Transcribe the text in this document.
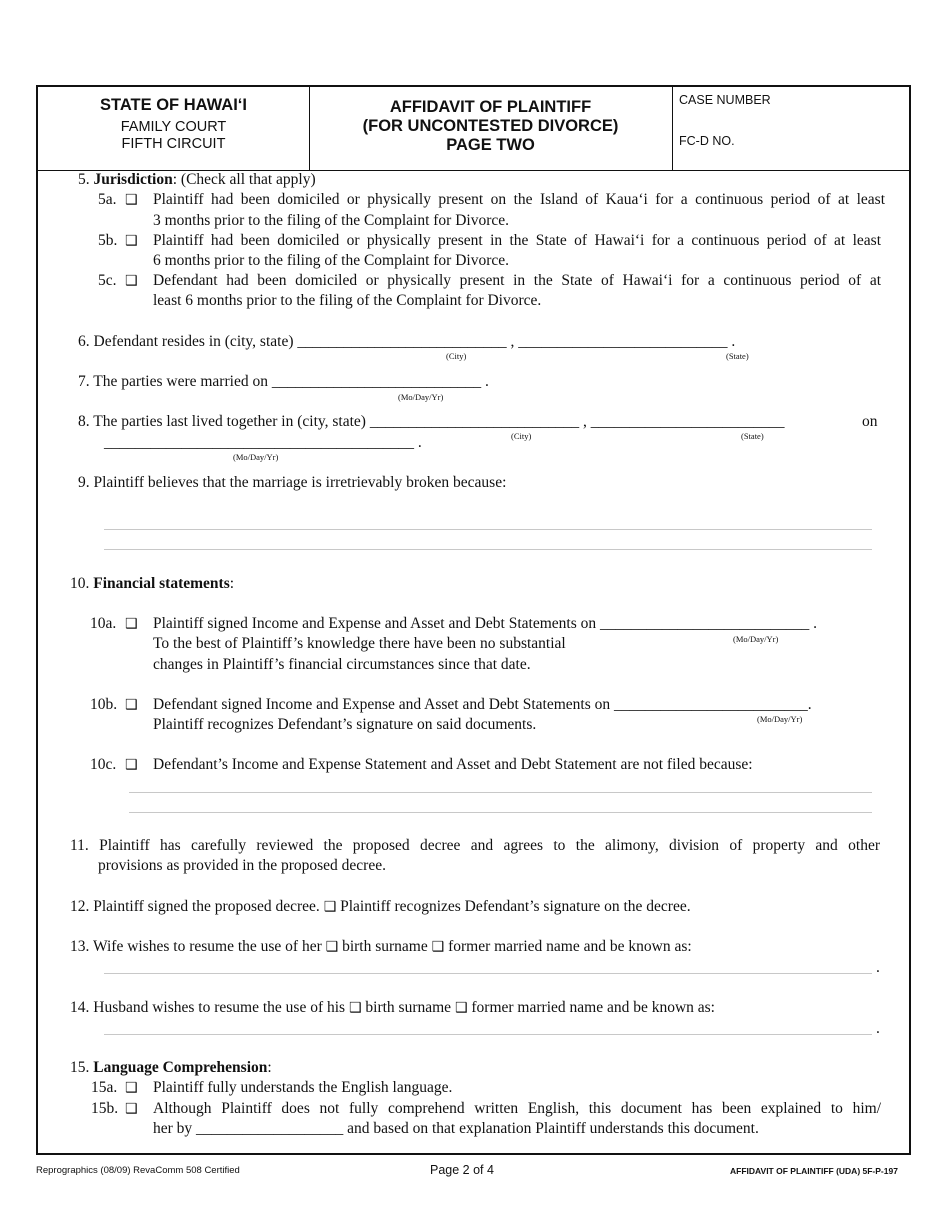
STATE OF HAWAI‘I
FAMILY COURT
FIFTH CIRCUIT
AFFIDAVIT OF PLAINTIFF
(FOR UNCONTESTED DIVORCE)
PAGE TWO
CASE NUMBER
FC-D NO.
5. Jurisdiction: (Check all that apply)
5a. ❑ Plaintiff had been domiciled or physically present on the Island of Kaua‘i for a continuous period of at least
3 months prior to the filing of the Complaint for Divorce.
5b. ❑ Plaintiff had been domiciled or physically present in the State of Hawai‘i for a continuous period of at least
6 months prior to the filing of the Complaint for Divorce.
5c. ❑ Defendant had been domiciled or physically present in the State of Hawai‘i for a continuous period of at
least 6 months prior to the filing of the Complaint for Divorce.
6. Defendant resides in (city, state) ___________________________ , ___________________________ .
(City)	(State)
7. The parties were married on ___________________________ .
(Mo/Day/Yr)
8. The parties last lived together in (city, state) ___________________________ , _________________________	on
(City)	(State)
________________________________________ .
(Mo/Day/Yr)
9. Plaintiff believes that the marriage is irretrievably broken because:
10. Financial statements:
10a. ❑ Plaintiff signed Income and Expense and Asset and Debt Statements on ___________________________ .
To the best of Plaintiff’s knowledge there have been no substantial
changes in Plaintiff’s financial circumstances since that date.
(Mo/Day/Yr)
10b. ❑ Defendant signed Income and Expense and Asset and Debt Statements on _________________________.
Plaintiff recognizes Defendant’s signature on said documents.	(Mo/Day/Yr)
10c. ❑ Defendant’s Income and Expense Statement and Asset and Debt Statement are not filed because:
11. Plaintiff has carefully reviewed the proposed decree and agrees to the alimony, division of property and other
provisions as provided in the proposed decree.
12. Plaintiff signed the proposed decree. ❑ Plaintiff recognizes Defendant’s signature on the decree.
13. Wife wishes to resume the use of her ❑ birth surname ❑ former married name and be known as:
.
14. Husband wishes to resume the use of his ❑ birth surname ❑ former married name and be known as:
.
15. Language Comprehension:
15a. ❑ Plaintiff fully understands the English language.
15b. ❑ Although Plaintiff does not fully comprehend written English, this document has been explained to him/
her by ___________________ and based on that explanation Plaintiff understands this document.
Reprographics (08/09) RevaComm 508 Certified	Page 2 of 4	AFFIDAVIT OF PLAINTIFF (UDA) 5F-P-197
